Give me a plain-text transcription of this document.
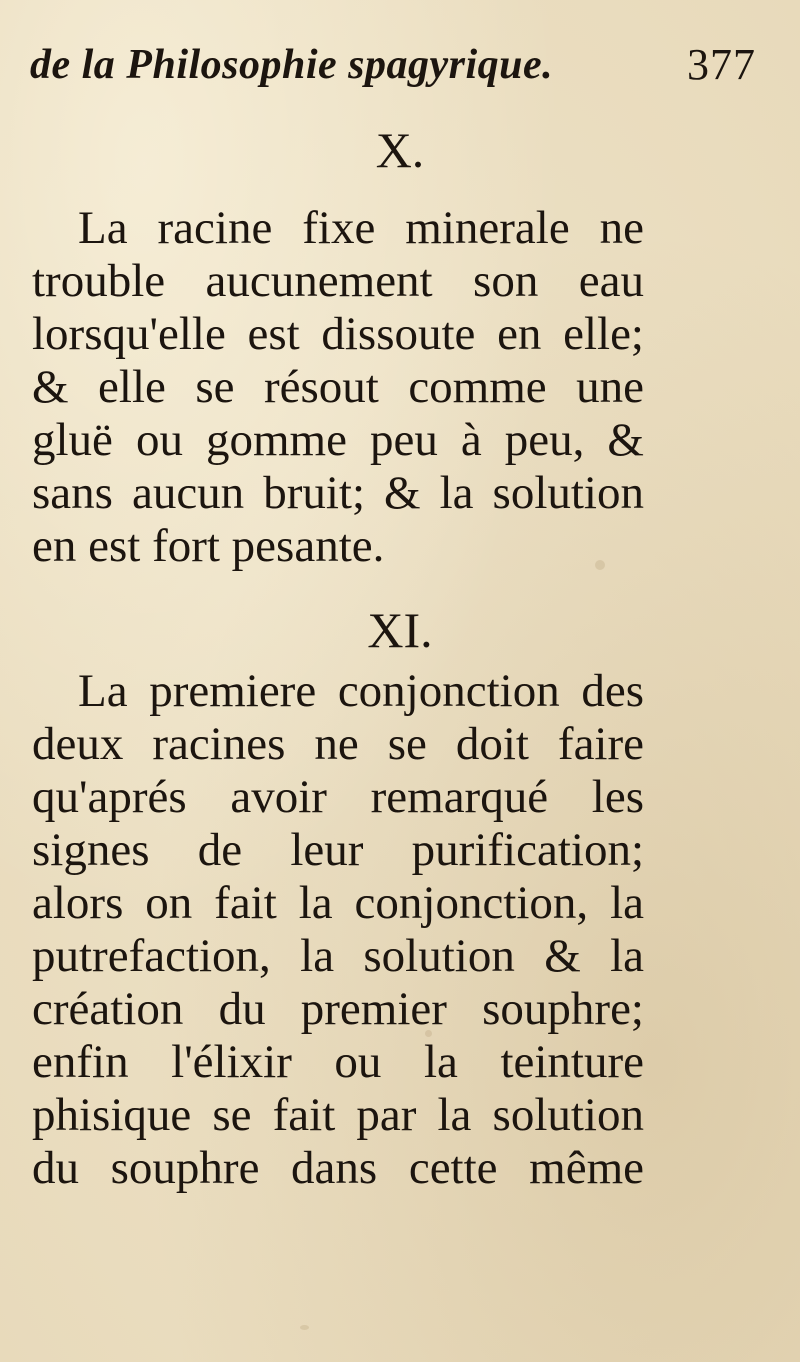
de la Philosophie spagyrique.	377
X.
La racine fixe minerale ne
trouble aucunement son eau
lorsqu'elle est dissoute en elle;
& elle se résout comme une
gluë ou gomme peu à peu, &
sans aucun bruit; & la solution
en est fort pesante.
XI.
La premiere conjonction des
deux racines ne se doit faire
qu'aprés avoir remarqué les
signes de leur purification;
alors on fait la conjonction, la
putrefaction, la solution & la
création du premier souphre;
enfin l'élixir ou la teinture
phisique se fait par la solution
du souphre dans cette même
